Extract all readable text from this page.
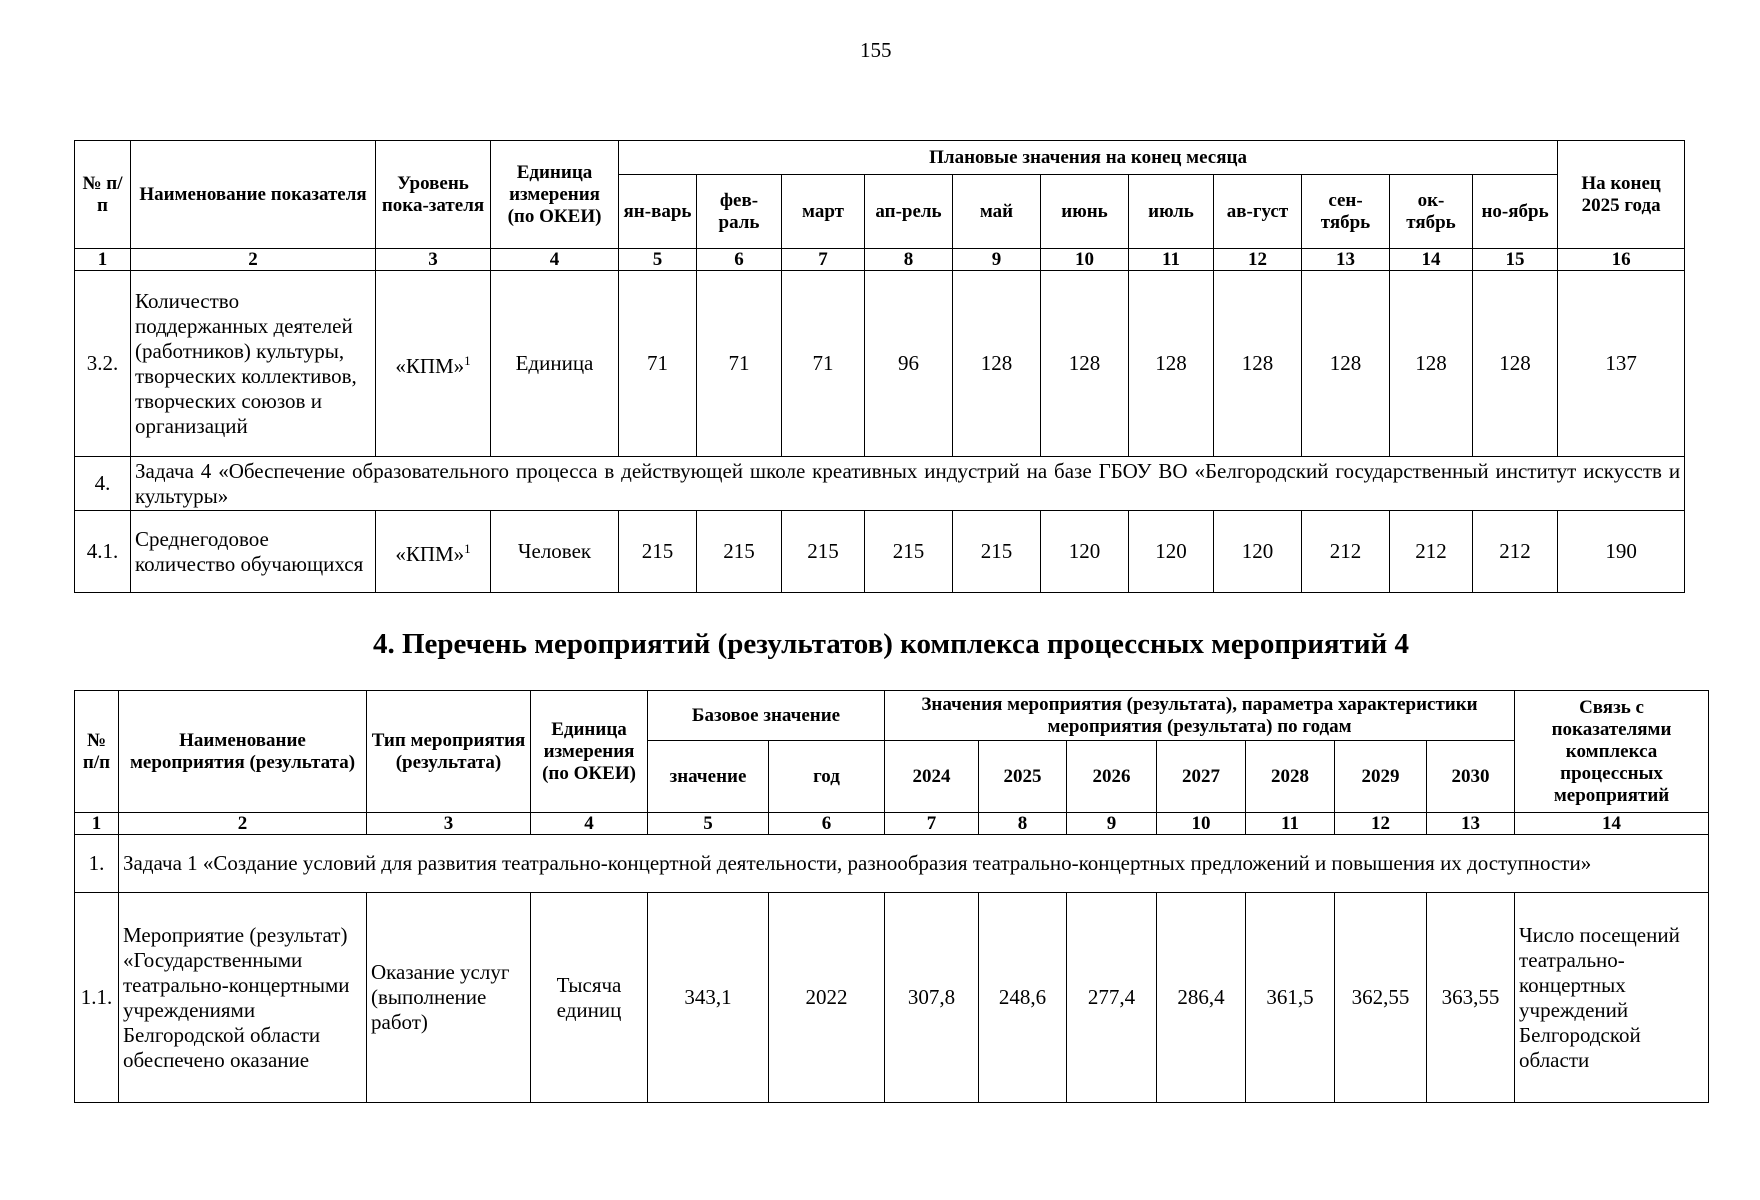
155
№ п/п	Наименование показателя	Уровень пока-зателя	Единица измерения (по ОКЕИ)	Плановые значения на конец месяца											На конец 2025 года
				ян-варь	фев-раль	март	ап-рель	май	июнь	июль	ав-густ	сен-тябрь	ок-тябрь	но-ябрь	
1	2	3	4	5	6	7	8	9	10	11	12	13	14	15	16
3.2.	Количество поддержанных деятелей (работников) культуры, творческих коллективов, творческих союзов и организаций	«КПМ»$^1$	Единица	71	71	71	96	128	128	128	128	128	128	128	137
4.	Задача 4 «Обеспечение образовательного процесса в действующей школе креативных индустрий на базе ГБОУ ВО «Белгородский государственный институт искусств и культуры»														
4.1.	Среднегодовое количество обучающихся	«КПМ»$^1$	Человек	215	215	215	215	215	120	120	120	212	212	212	190
4. Перечень мероприятий (результатов) комплекса процессных мероприятий 4
№ п/п	Наименование мероприятия (результата)	Тип мероприятия (результата)	Единица измерения (по ОКЕИ)	Базовое значение		Значения мероприятия (результата), параметра характеристики мероприятия (результата) по годам							Связь с показателями комплекса процессных мероприятий
				значение	год	2024	2025	2026	2027	2028	2029	2030	
1	2	3	4	5	6	7	8	9	10	11	12	13	14
1.	Задача 1 «Создание условий для развития театрально-концертной деятельности, разнообразия театрально-концертных предложений и повышения их доступности»												
1.1.	Мероприятие (результат) «Государственными театрально-концертными учреждениями Белгородской области обеспечено оказание	Оказание услуг (выполнение работ)	Тысяча единиц	343,1	2022	307,8	248,6	277,4	286,4	361,5	362,55	363,55	Число посещений театрально-концертных учреждений Белгородской области
